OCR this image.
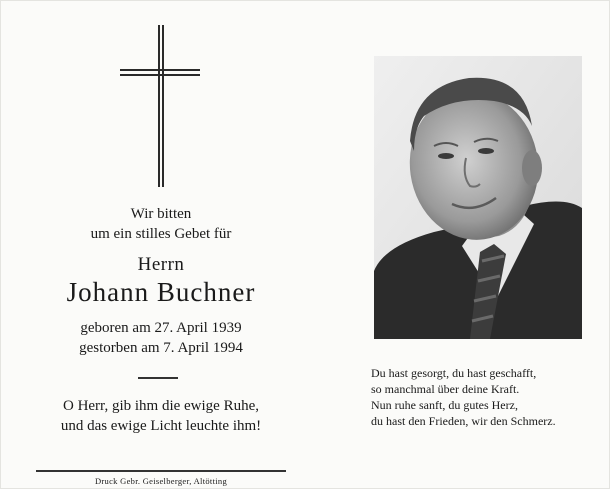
Wir bitten
um ein stilles Gebet für
Herrn
Johann Buchner
geboren am 27. April 1939
gestorben am 7. April 1994
O Herr, gib ihm die ewige Ruhe,
und das ewige Licht leuchte ihm!
Druck Gebr. Geiselberger, Altötting
Du hast gesorgt, du hast geschafft,
so manchmal über deine Kraft.
Nun ruhe sanft, du gutes Herz,
du hast den Frieden, wir den Schmerz.
